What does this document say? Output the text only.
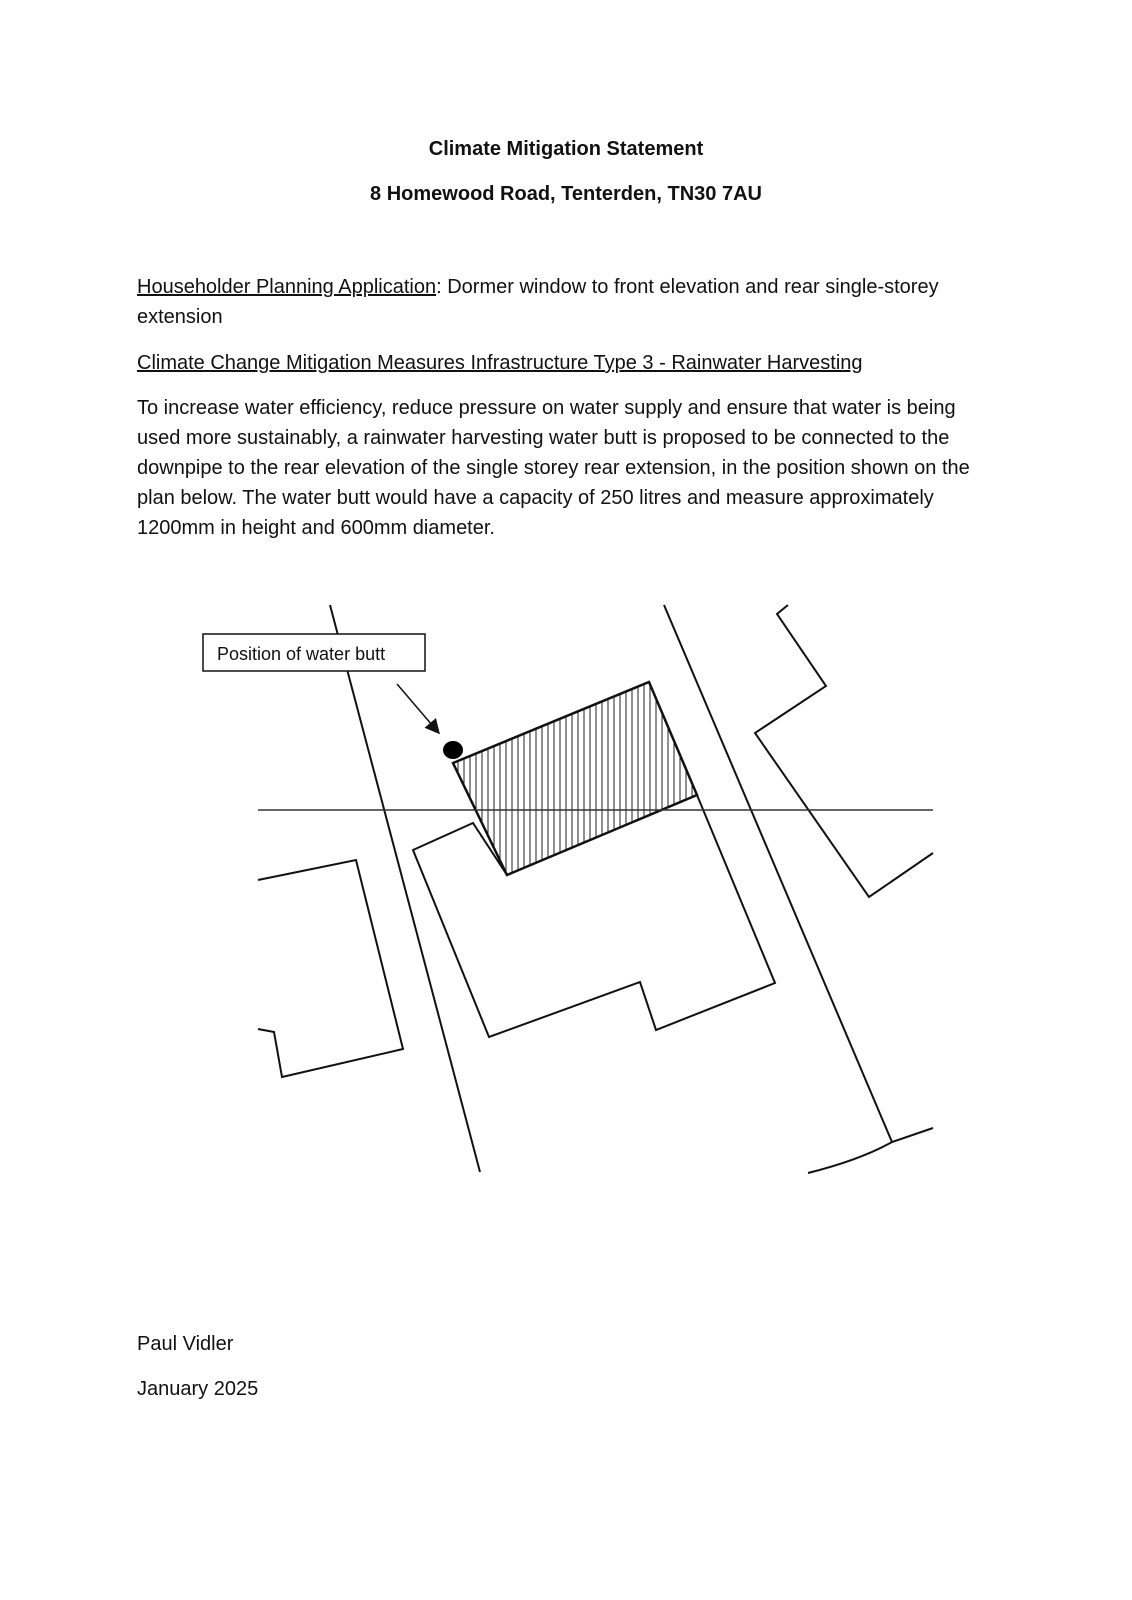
Climate Mitigation Statement
8 Homewood Road, Tenterden, TN30 7AU

Householder Planning Application: Dormer window to front elevation and rear single-storey extension

Climate Change Mitigation Measures Infrastructure Type 3 - Rainwater Harvesting

To increase water efficiency, reduce pressure on water supply and ensure that water is being used more sustainably, a rainwater harvesting water butt is proposed to be connected to the downpipe to the rear elevation of the single storey rear extension, in the position shown on the plan below. The water butt would have a capacity of 250 litres and measure approximately 1200mm in height and 600mm diameter.

Position of water butt

Paul Vidler

January 2025
